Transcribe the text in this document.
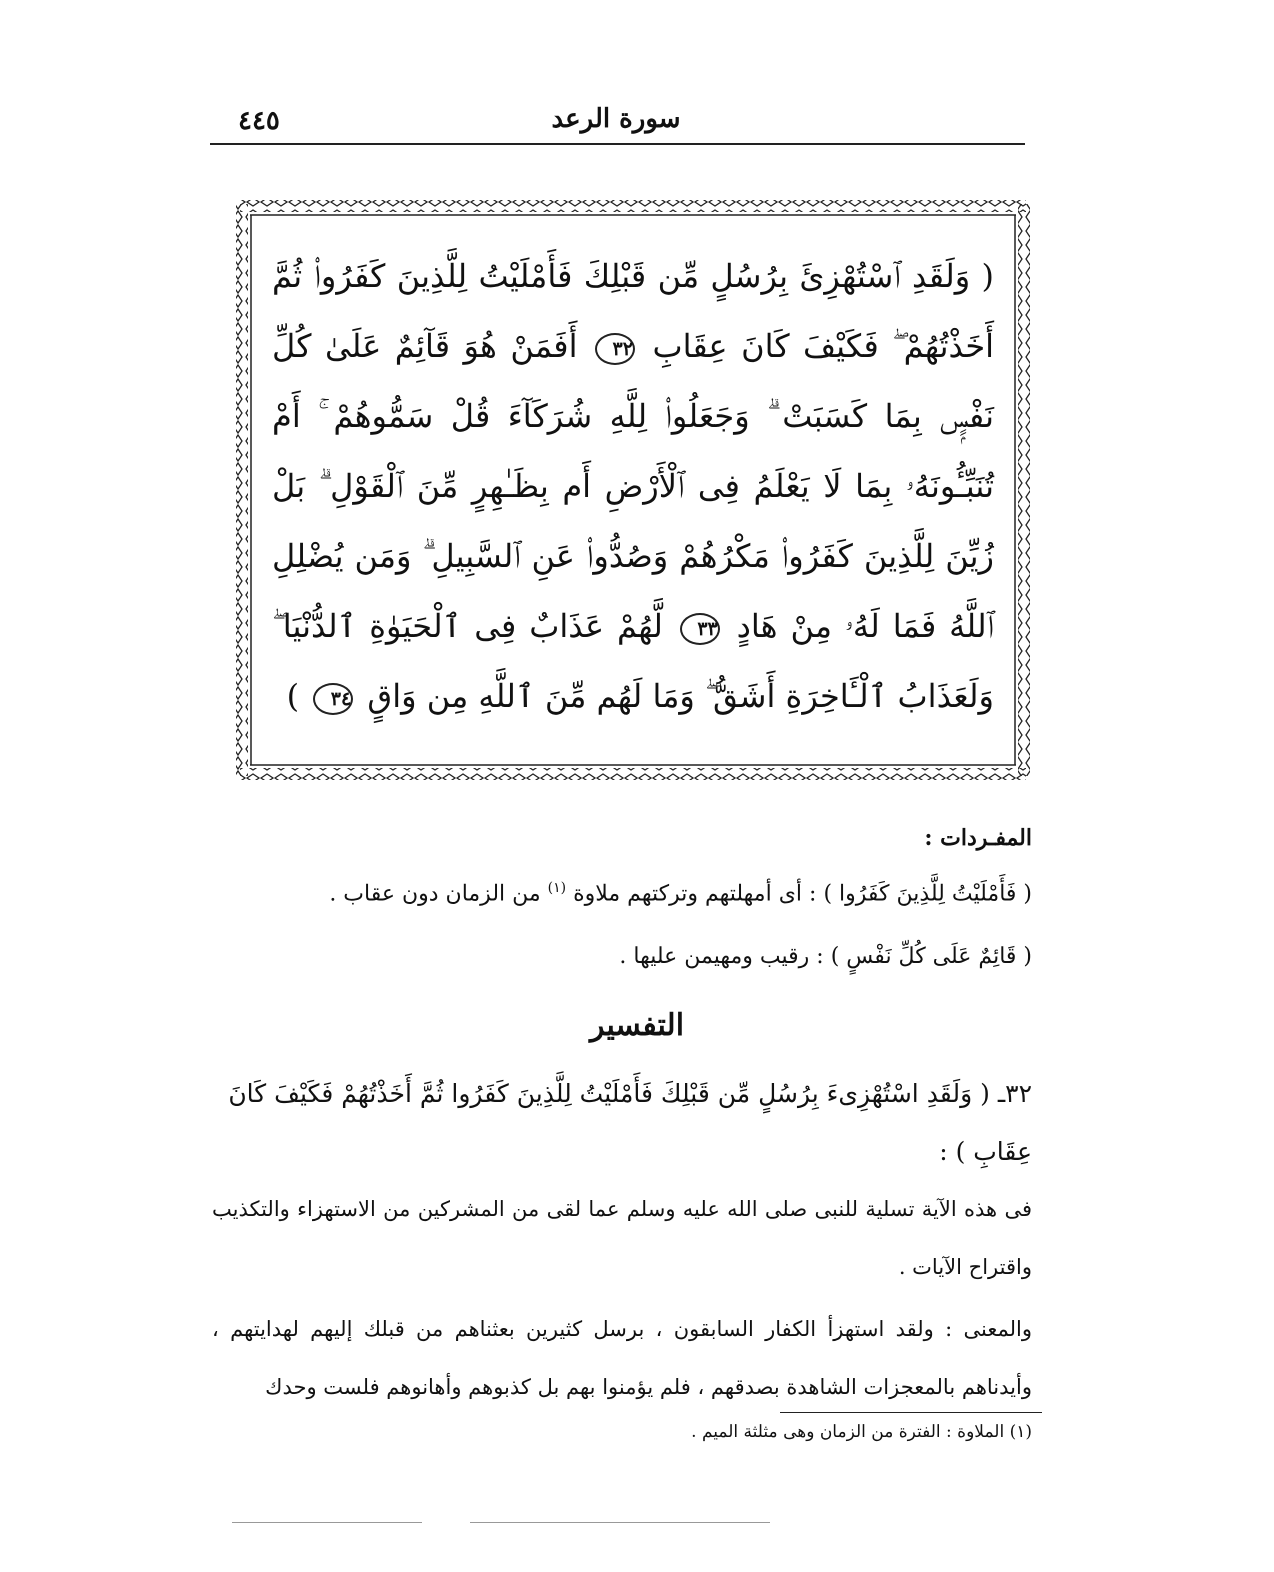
٤٤٥	سورة الرعد
( وَلَقَدِ ٱسْتُهْزِئَ بِرُسُلٍ مِّن قَبْلِكَ فَأَمْلَيْتُ لِلَّذِينَ كَفَرُوا۟ ثُمَّ أَخَذْتُهُمْ ۖ فَكَيْفَ كَانَ عِقَابِ ٣٢ أَفَمَنْ هُوَ قَآئِمٌ عَلَىٰ كُلِّ نَفْسٍۭ بِمَا كَسَبَتْ ۗ وَجَعَلُوا۟ لِلَّهِ شُرَكَآءَ قُلْ سَمُّوهُمْ ۚ أَمْ تُنَبِّـُٔونَهُۥ بِمَا لَا يَعْلَمُ فِى ٱلْأَرْضِ أَم بِظَـٰهِرٍ مِّنَ ٱلْقَوْلِ ۗ بَلْ زُيِّنَ لِلَّذِينَ كَفَرُوا۟ مَكْرُهُمْ وَصُدُّوا۟ عَنِ ٱلسَّبِيلِ ۗ وَمَن يُضْلِلِ ٱللَّهُ فَمَا لَهُۥ مِنْ هَادٍ ٣٣ لَّهُمْ عَذَابٌ فِى ٱلْحَيَوٰةِ ٱلدُّنْيَا ۖ وَلَعَذَابُ ٱلْـَٔاخِرَةِ أَشَقُّ ۖ وَمَا لَهُم مِّنَ ٱللَّهِ مِن وَاقٍ ٣٤ )
المفـردات :
( فَأَمْلَيْتُ لِلَّذِينَ كَفَرُوا ) : أى أمهلتهم وتركتهم ملاوة $^{(١)}$ من الزمان دون عقاب .
( قَائِمٌ عَلَى كُلِّ نَفْسٍ ) : رقيب ومهيمن عليها .
التفسير
٣٢ـ ( وَلَقَدِ اسْتُهْزِىءَ بِرُسُلٍ مِّن قَبْلِكَ فَأَمْلَيْتُ لِلَّذِينَ كَفَرُوا ثُمَّ أَخَذْتُهُمْ فَكَيْفَ كَانَ عِقَابِ ) :
فى هذه الآية تسلية للنبى صلى الله عليه وسلم عما لقى من المشركين من الاستهزاء والتكذيب واقتراح الآيات .
والمعنى : ولقد استهزأ الكفار السابقون ، برسل كثيرين بعثناهم من قبلك إليهم لهدايتهم ، وأيدناهم بالمعجزات الشاهدة بصدقهم ، فلم يؤمنوا بهم بل كذبوهم وأهانوهم فلست وحدك
(١) الملاوة : الفترة من الزمان وهى مثلثة الميم .
